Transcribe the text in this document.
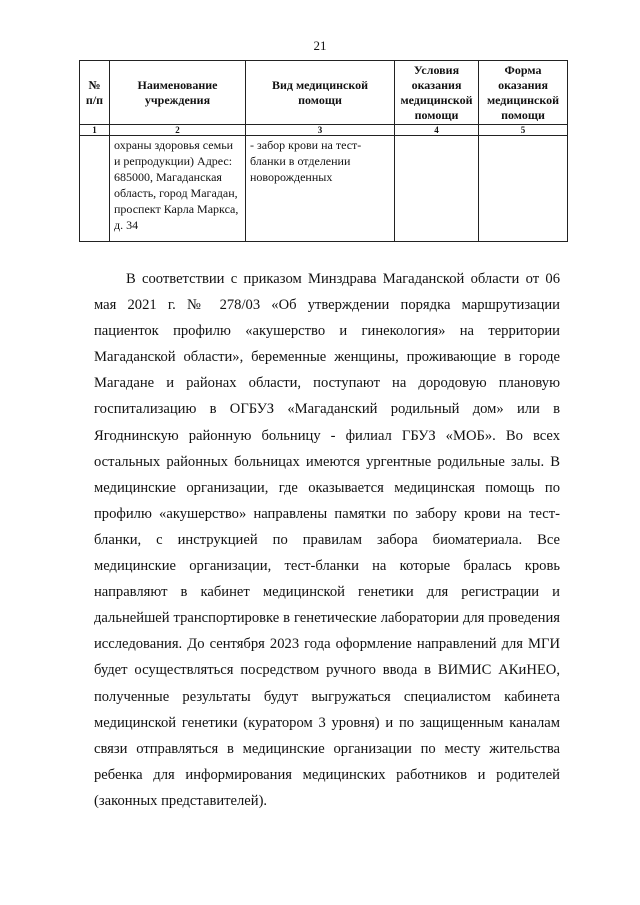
21
№ п/п	Наименование учреждения	Вид медицинской помощи	Условия оказания медицинской помощи	Форма оказания медицинской помощи
1	2	3	4	5
	охраны здоровья семьи и репродукции) Адрес: 685000, Магаданская область, город Магадан, проспект Карла Маркса, д. 34	- забор крови на тест-бланки в отделении новорожденных		

В соответствии с приказом Минздрава Магаданской области от 06 мая 2021 г. № 278/03 «Об утверждении порядка маршрутизации пациенток профилю «акушерство и гинекология» на территории Магаданской области», беременные женщины, проживающие в городе Магадане и районах области, поступают на дородовую плановую госпитализацию в ОГБУЗ «Магаданский родильный дом» или в Ягоднинскую районную больницу - филиал ГБУЗ «МОБ». Во всех остальных районных больницах имеются ургентные родильные залы. В медицинские организации, где оказывается медицинская помощь по профилю «акушерство» направлены памятки по забору крови на тест-бланки, с инструкцией по правилам забора биоматериала. Все медицинские организации, тест-бланки на которые бралась кровь направляют в кабинет медицинской генетики для регистрации и дальнейшей транспортировке в генетические лаборатории для проведения исследования. До сентября 2023 года оформление направлений для МГИ будет осуществляться посредством ручного ввода в ВИМИС АКиНЕО, полученные результаты будут выгружаться специалистом кабинета медицинской генетики (куратором 3 уровня) и по защищенным каналам связи отправляться в медицинские организации по месту жительства ребенка для информирования медицинских работников и родителей (законных представителей).
